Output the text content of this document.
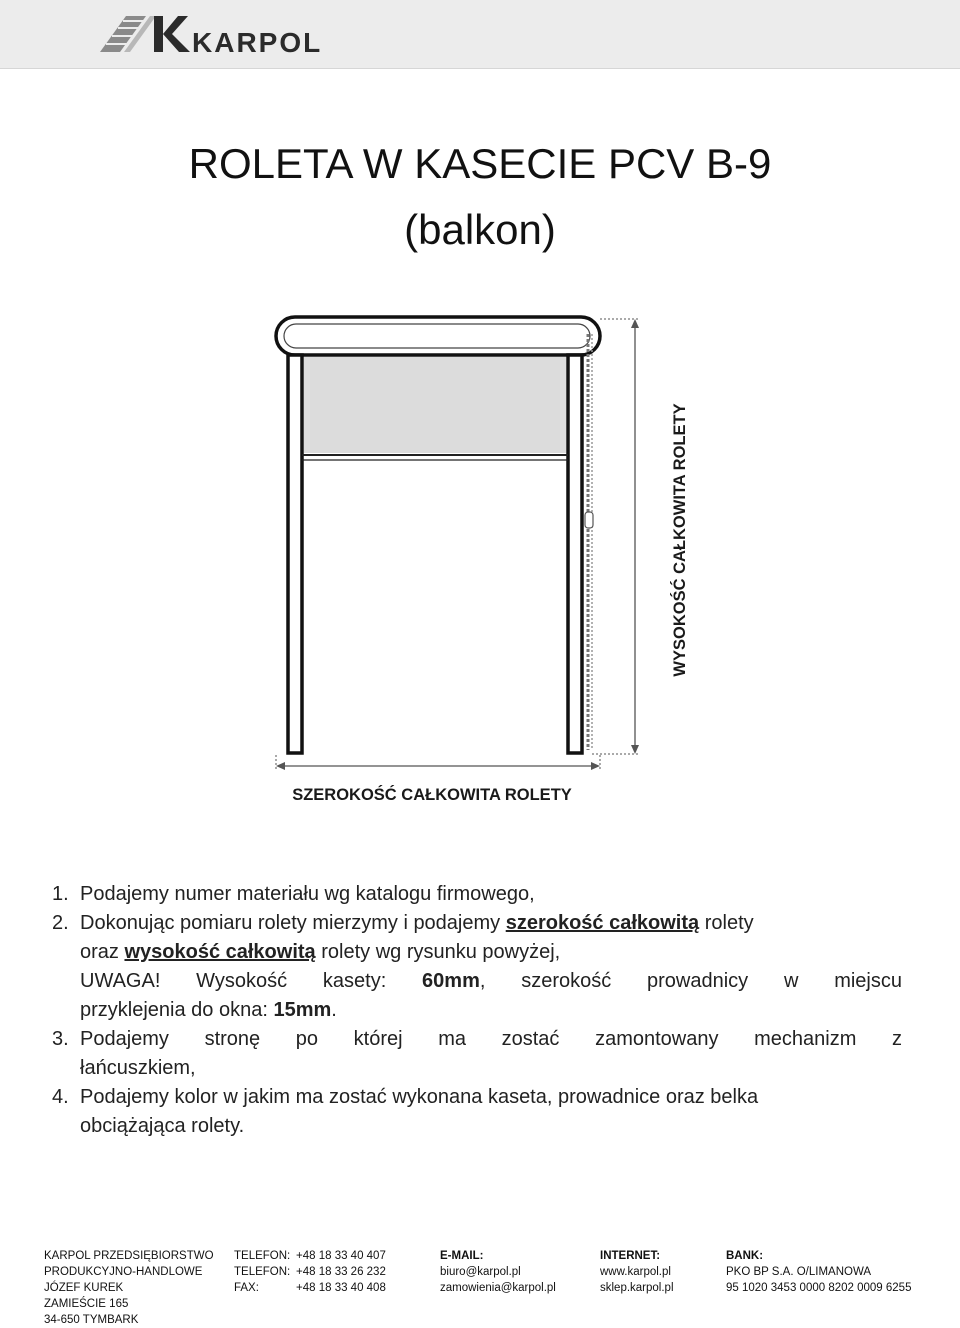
KARPOL
ROLETA W KASECIE PCV B-9
(balkon)
WYSOKOŚĆ CAŁKOWITA ROLETY
SZEROKOŚĆ CAŁKOWITA ROLETY
1. Podajemy numer materiału wg katalogu firmowego,
2. Dokonując pomiaru rolety mierzymy i podajemy szerokość całkowitą rolety
oraz wysokość całkowitą rolety wg rysunku powyżej,
UWAGA! Wysokość kasety: 60mm, szerokość prowadnicy w miejscu
przyklejenia do okna: 15mm.
3. Podajemy stronę po której ma zostać zamontowany mechanizm z
łańcuszkiem,
4. Podajemy kolor w jakim ma zostać wykonana kaseta, prowadnice oraz belka
obciążająca rolety.
KARPOL PRZEDSIĘBIORSTWO
PRODUKCYJNO-HANDLOWE
JÓZEF KUREK
ZAMIEŚCIE 165
34-650 TYMBARK
TELEFON:
TELEFON:
FAX:
+48 18 33 40 407
+48 18 33 26 232
+48 18 33 40 408
E-MAIL:
biuro@karpol.pl
zamowienia@karpol.pl
INTERNET:
www.karpol.pl
sklep.karpol.pl
BANK:
PKO BP S.A. O/LIMANOWA
95 1020 3453 0000 8202 0009 6255
